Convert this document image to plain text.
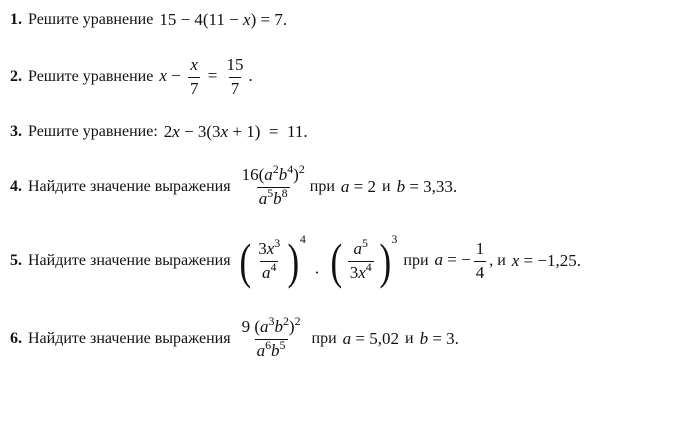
1 . Решите уравнение 15 − 4(11 − x) = 7.
2 . Решите уравнение $x - \frac{x}{7} = \frac{15}{7}$ .
3 . Решите уравнение: 2x − 3(3x + 1)  =  11.
4 . Найдите значение выражения $\frac{16(a^2b^4)^2}{a^5b^8}$ при a = 2 и b = 3,33.
5 . Найдите значение выражения ( $\frac{3x^3}{a^4}$ ) 4
· ( $\frac{a^5}{3x^4}$ ) 3
при a = − $\frac{1}{4}$ , и x = −1,25.
6 . Найдите значение выражения $\frac{9 (a^3b^2)^2}{a^6b^5}$ при a = 5,02 и b = 3.
